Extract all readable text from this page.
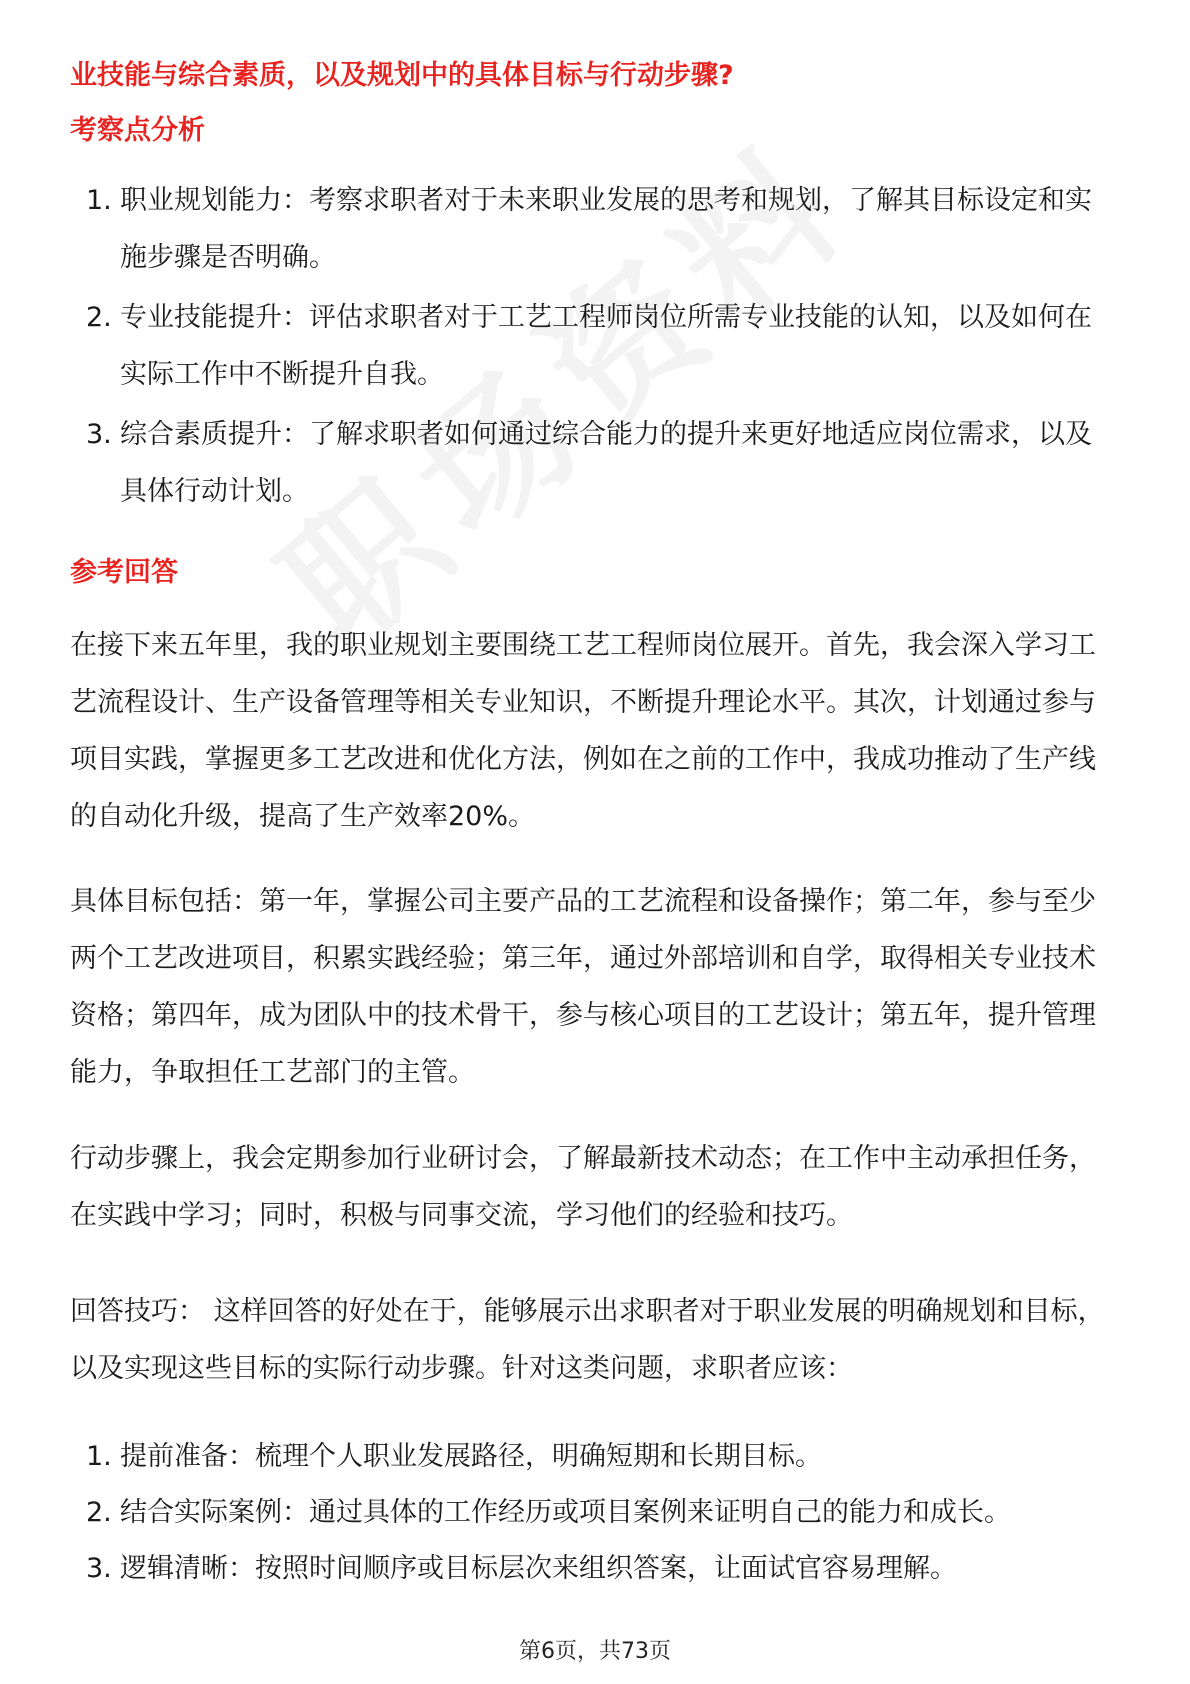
业技能与综合素质，以及规划中的具体目标与行动步骤?

考察点分析

1. 职业规划能力：考察求职者对于未来职业发展的思考和规划，了解其目标设定和实施步骤是否明确。
2. 专业技能提升：评估求职者对于工艺工程师岗位所需专业技能的认知，以及如何在实际工作中不断提升自我。
3. 综合素质提升：了解求职者如何通过综合能力的提升来更好地适应岗位需求，以及具体行动计划。

参考回答

在接下来五年里，我的职业规划主要围绕工艺工程师岗位展开。首先，我会深入学习工艺流程设计、生产设备管理等相关专业知识，不断提升理论水平。其次，计划通过参与项目实践，掌握更多工艺改进和优化方法，例如在之前的工作中，我成功推动了生产线的自动化升级，提高了生产效率20%。

具体目标包括：第一年，掌握公司主要产品的工艺流程和设备操作；第二年，参与至少两个工艺改进项目，积累实践经验；第三年，通过外部培训和自学，取得相关专业技术资格；第四年，成为团队中的技术骨干，参与核心项目的工艺设计；第五年，提升管理能力，争取担任工艺部门的主管。

行动步骤上，我会定期参加行业研讨会，了解最新技术动态；在工作中主动承担任务，在实践中学习；同时，积极与同事交流，学习他们的经验和技巧。

回答技巧： 这样回答的好处在于，能够展示出求职者对于职业发展的明确规划和目标，以及实现这些目标的实际行动步骤。针对这类问题，求职者应该：

1. 提前准备：梳理个人职业发展路径，明确短期和长期目标。
2. 结合实际案例：通过具体的工作经历或项目案例来证明自己的能力和成长。
3. 逻辑清晰：按照时间顺序或目标层次来组织答案，让面试官容易理解。
第6页，共73页
